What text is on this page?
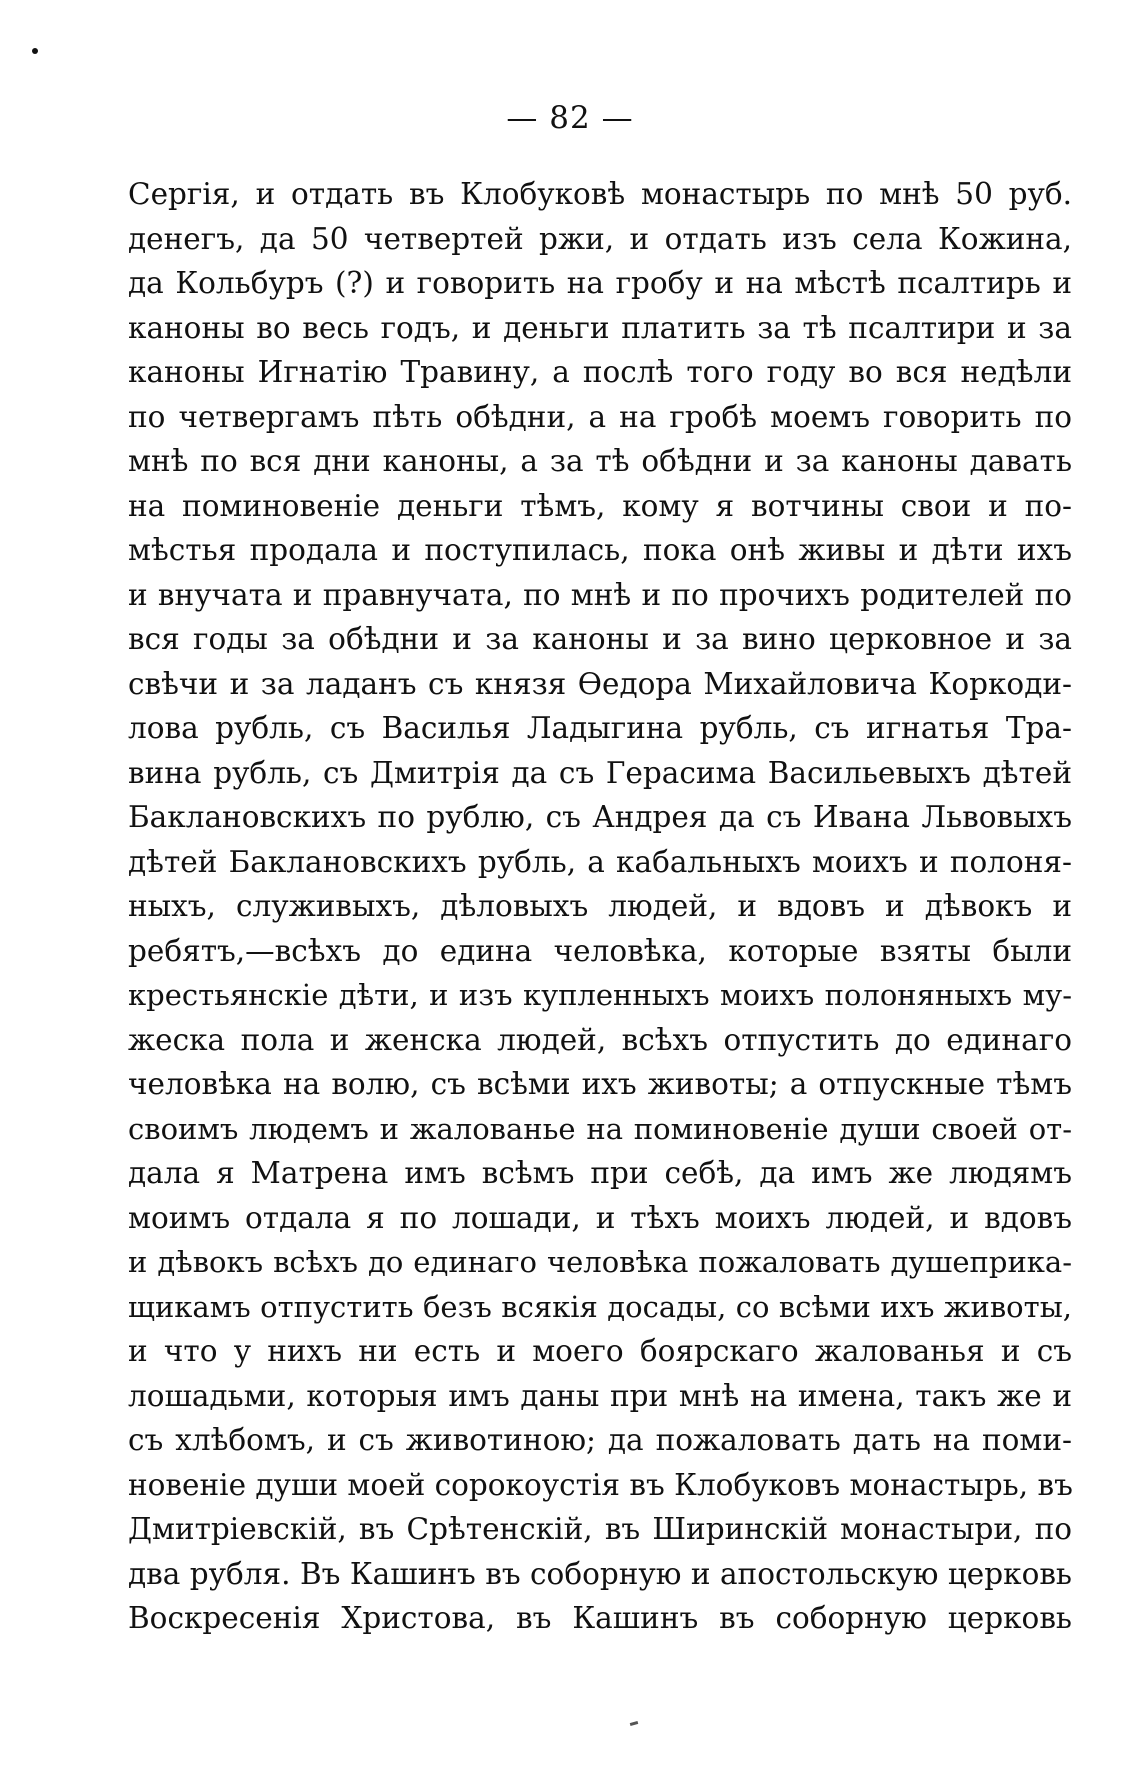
— 82 —
Сергія, и отдать въ Клобуковѣ монастырь по мнѣ 50 руб.
денегъ, да 50 четвертей ржи, и отдать изъ села Кожина,
да Кольбуръ (?) и говорить на гробу и на мѣстѣ псалтирь и
каноны во весь годъ, и деньги платить за тѣ псалтири и за
каноны Игнатію Травину, а послѣ того году во вся недѣли
по четвергамъ пѣть обѣдни, а на гробѣ моемъ говорить по
мнѣ по вся дни каноны, а за тѣ обѣдни и за каноны давать
на поминовеніе деньги тѣмъ, кому я вотчины свои и по-
мѣстья продала и поступилась, пока онѣ живы и дѣти ихъ
и внучата и правнучата, по мнѣ и по прочихъ родителей по
вся годы за обѣдни и за каноны и за вино церковное и за
свѣчи и за ладанъ съ князя Ѳедора Михайловича Коркоди-
лова рубль, съ Василья Ладыгина рубль, съ игнатья Тра-
вина рубль, съ Дмитрія да съ Герасима Васильевыхъ дѣтей
Баклановскихъ по рублю, съ Андрея да съ Ивана Львовыхъ
дѣтей Баклановскихъ рубль, а кабальныхъ моихъ и полоня-
ныхъ, служивыхъ, дѣловыхъ людей, и вдовъ и дѣвокъ и
ребятъ,—всѣхъ до едина человѣка, которые взяты были
крестьянскіе дѣти, и изъ купленныхъ моихъ полоняныхъ му-
жеска пола и женска людей, всѣхъ отпустить до единаго
человѣка на волю, съ всѣми ихъ животы; а отпускные тѣмъ
своимъ людемъ и жалованье на поминовеніе души своей от-
дала я Матрена имъ всѣмъ при себѣ, да имъ же людямъ
моимъ отдала я по лошади, и тѣхъ моихъ людей, и вдовъ
и дѣвокъ всѣхъ до единаго человѣка пожаловать душеприка-
щикамъ отпустить безъ всякія досады, со всѣми ихъ животы,
и что у нихъ ни есть и моего боярскаго жалованья и съ
лошадьми, которыя имъ даны при мнѣ на имена, такъ же и
съ хлѣбомъ, и съ животиною; да пожаловать дать на поми-
новеніе души моей сорокоустія въ Клобуковъ монастырь, въ
Дмитріевскій, въ Срѣтенскій, въ Ширинскій монастыри, по
два рубля. Въ Кашинъ въ соборную и апостольскую церковь
Воскресенія Христова, въ Кашинъ въ соборную церковь
